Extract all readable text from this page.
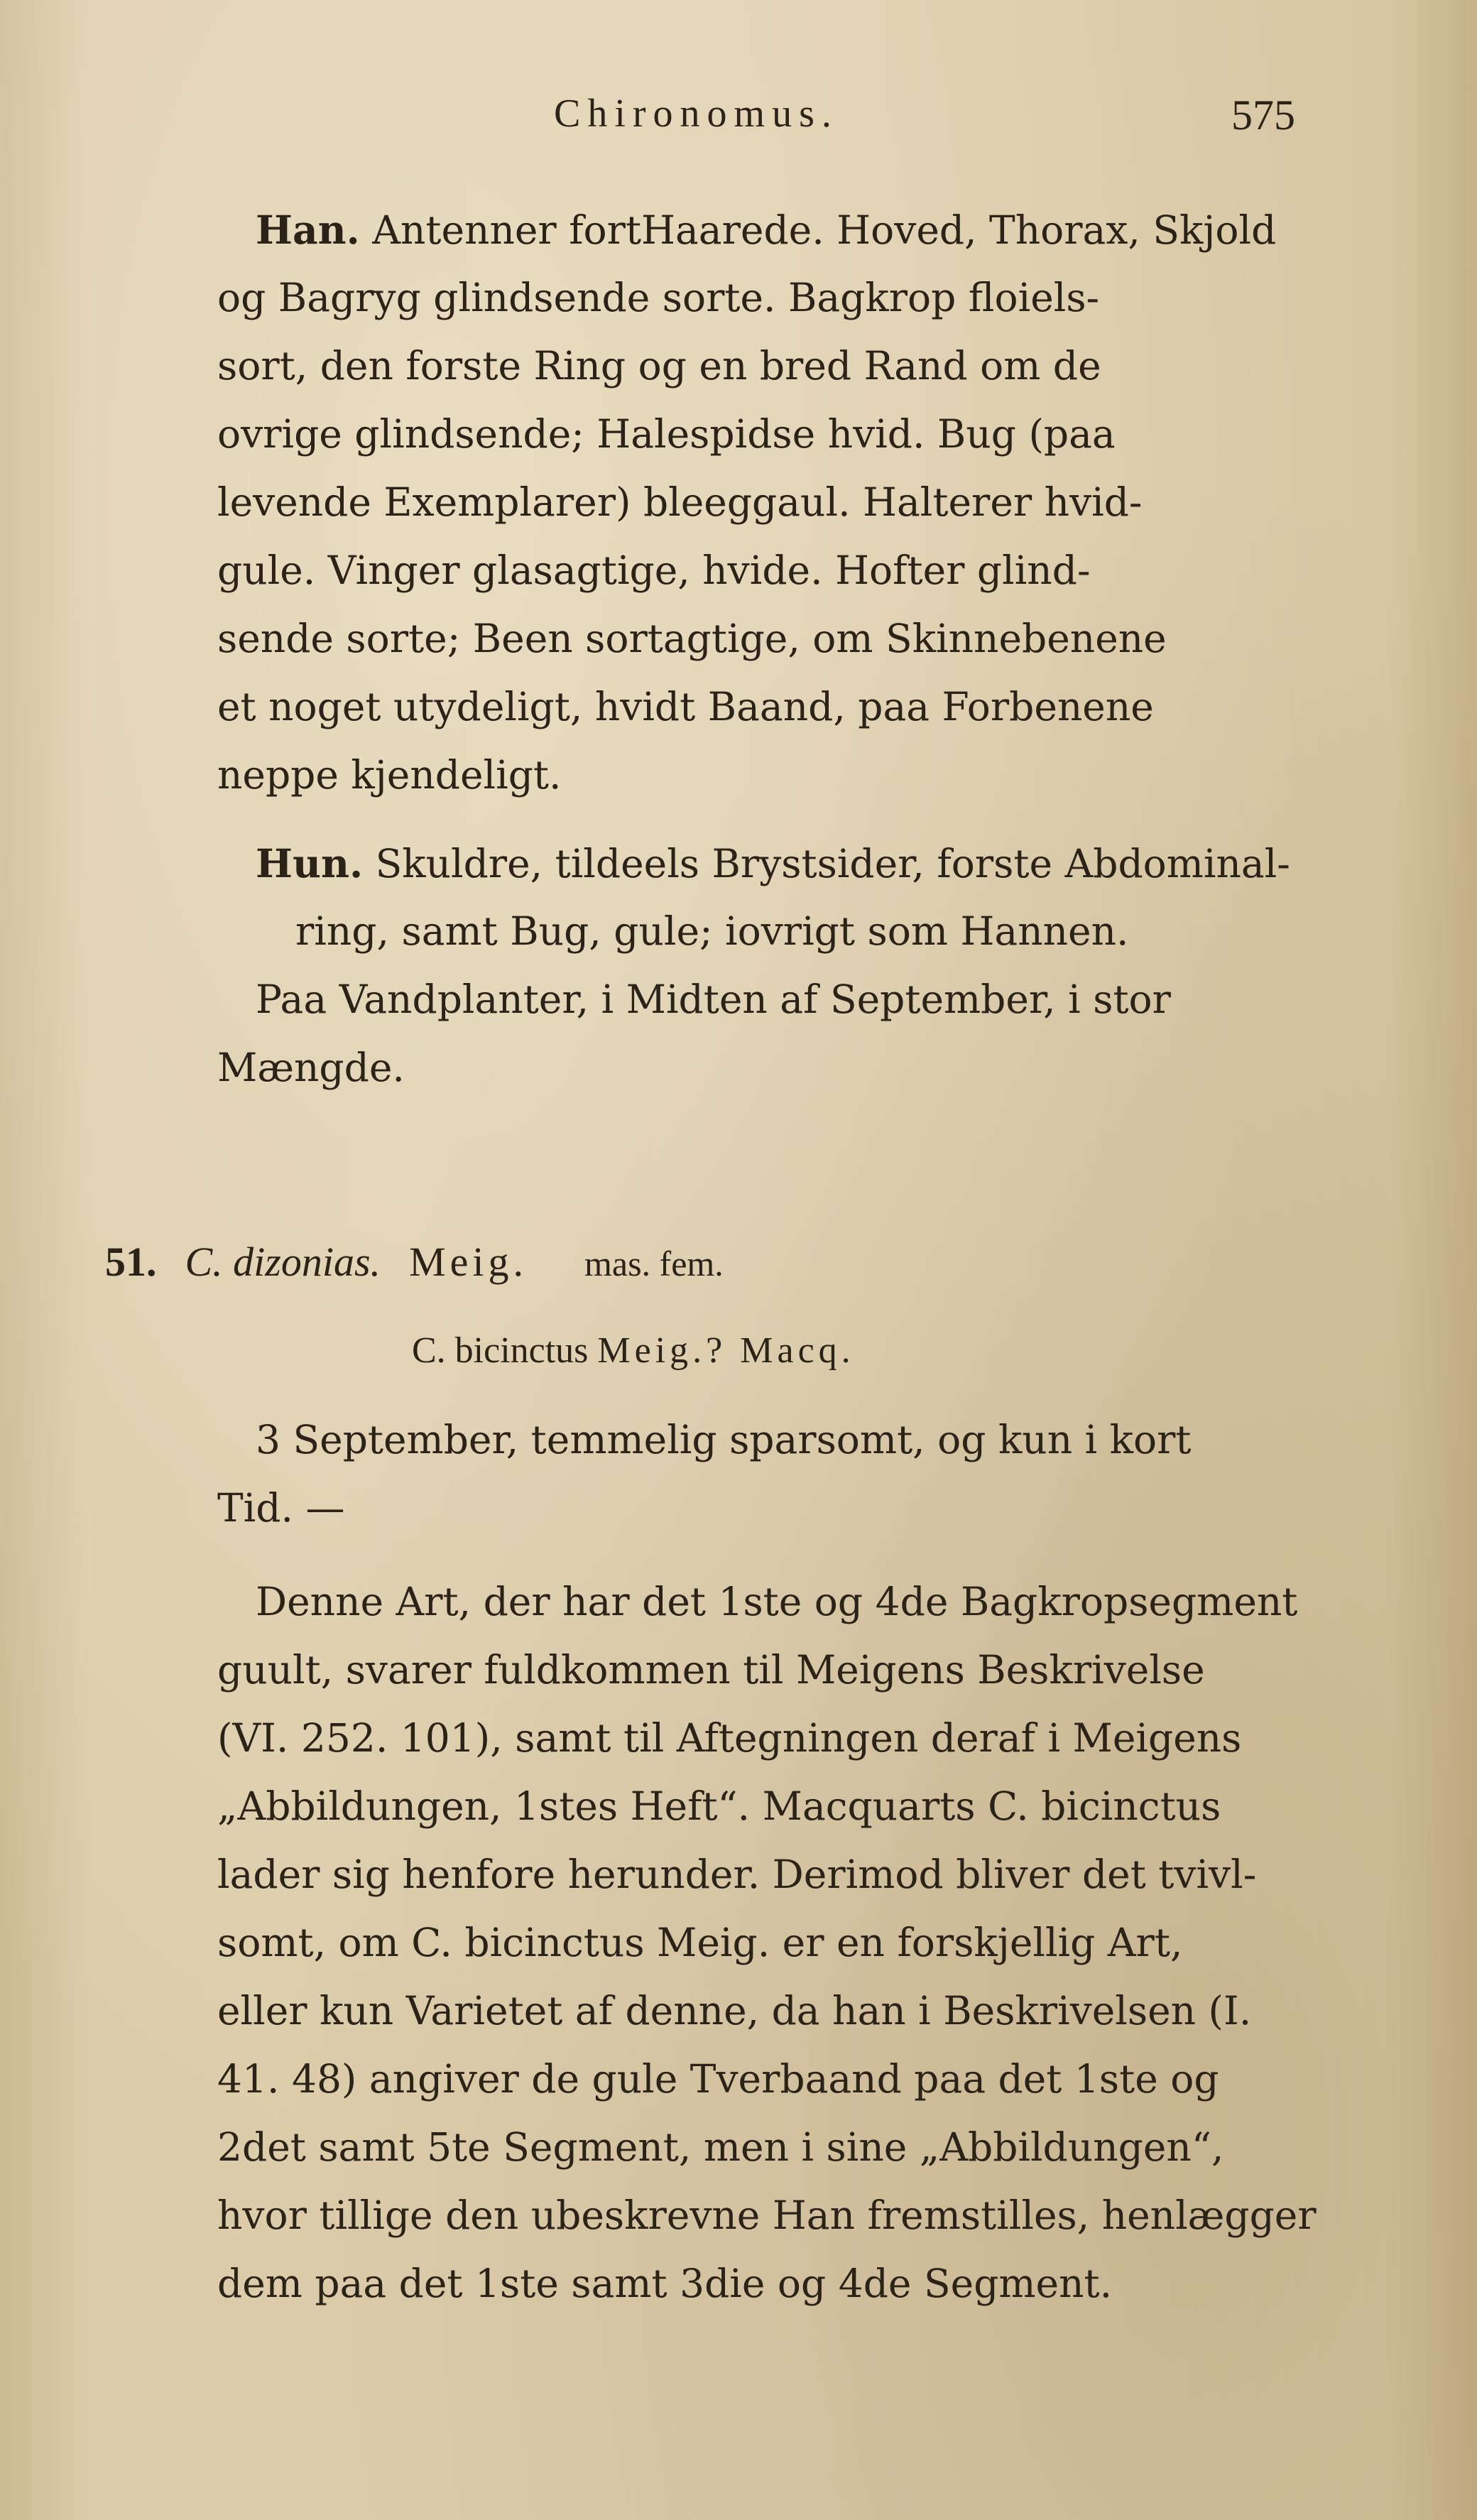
Chironomus.	575
Han. Antenner fortHaarede. Hoved, Thorax, Skjold
og Bagryg glindsende sorte. Bagkrop floiels-
sort, den forste Ring og en bred Rand om de
ovrige glindsende; Halespidse hvid. Bug (paa
levende Exemplarer) bleeggaul. Halterer hvid-
gule. Vinger glasagtige, hvide. Hofter glind-
sende sorte; Been sortagtige, om Skinnebenene
et noget utydeligt, hvidt Baand, paa Forbenene
neppe kjendeligt.
Hun. Skuldre, tildeels Brystsider, forste Abdominal-
ring, samt Bug, gule; iovrigt som Hannen.
Paa Vandplanter, i Midten af September, i stor
Mængde.
51. C. dizonias. Meig. mas. fem.
C. bicinctus Meig.? Macq.
3 September, temmelig sparsomt, og kun i kort
Tid. —
Denne Art, der har det 1ste og 4de Bagkropsegment
guult, svarer fuldkommen til Meigens Beskrivelse
(VI. 252. 101), samt til Aftegningen deraf i Meigens
„Abbildungen, 1stes Heft“. Macquarts C. bicinctus
lader sig henfore herunder. Derimod bliver det tvivl-
somt, om C. bicinctus Meig. er en forskjellig Art,
eller kun Varietet af denne, da han i Beskrivelsen (I.
41. 48) angiver de gule Tverbaand paa det 1ste og
2det samt 5te Segment, men i sine „Abbildungen“,
hvor tillige den ubeskrevne Han fremstilles, henlægger
dem paa det 1ste samt 3die og 4de Segment.
